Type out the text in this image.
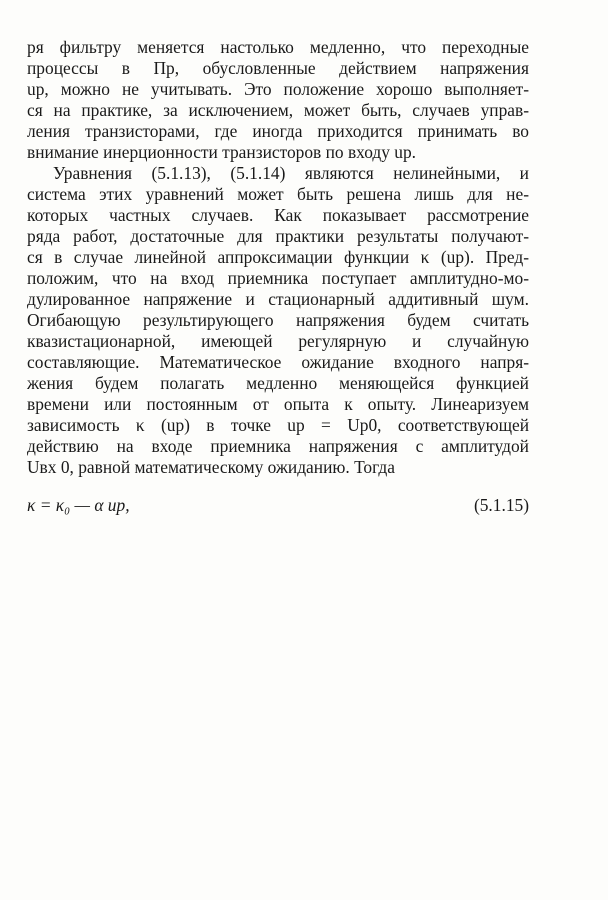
ря фильтру меняется настолько медленно, что переходные
процессы в Пр, обусловленные действием напряжения
uр, можно не учитывать. Это положение хорошо выполняет-
ся на практике, за исключением, может быть, случаев управ-
ления транзисторами, где иногда приходится принимать во
внимание инерционности транзисторов по входу uр.
Уравнения (5.1.13), (5.1.14) являются нелинейными, и
система этих уравнений может быть решена лишь для не-
которых частных случаев. Как показывает рассмотрение
ряда работ, достаточные для практики результаты получают-
ся в случае линейной аппроксимации функции κ (uр). Пред-
положим, что на вход приемника поступает амплитудно-мо-
дулированное напряжение и стационарный аддитивный шум.
Огибающую результирующего напряжения будем считать
квазистационарной, имеющей регулярную и случайную
составляющие. Математическое ожидание входного напря-
жения будем полагать медленно меняющейся функцией
времени или постоянным от опыта к опыту. Линеаризуем
зависимость κ (uр) в точке uр = Uр0, соответствующей
действию на входе приемника напряжения с амплитудой
Uвх 0, равной математическому ожиданию. Тогда
κ = κ₀ — α uр,	(5.1.15)
